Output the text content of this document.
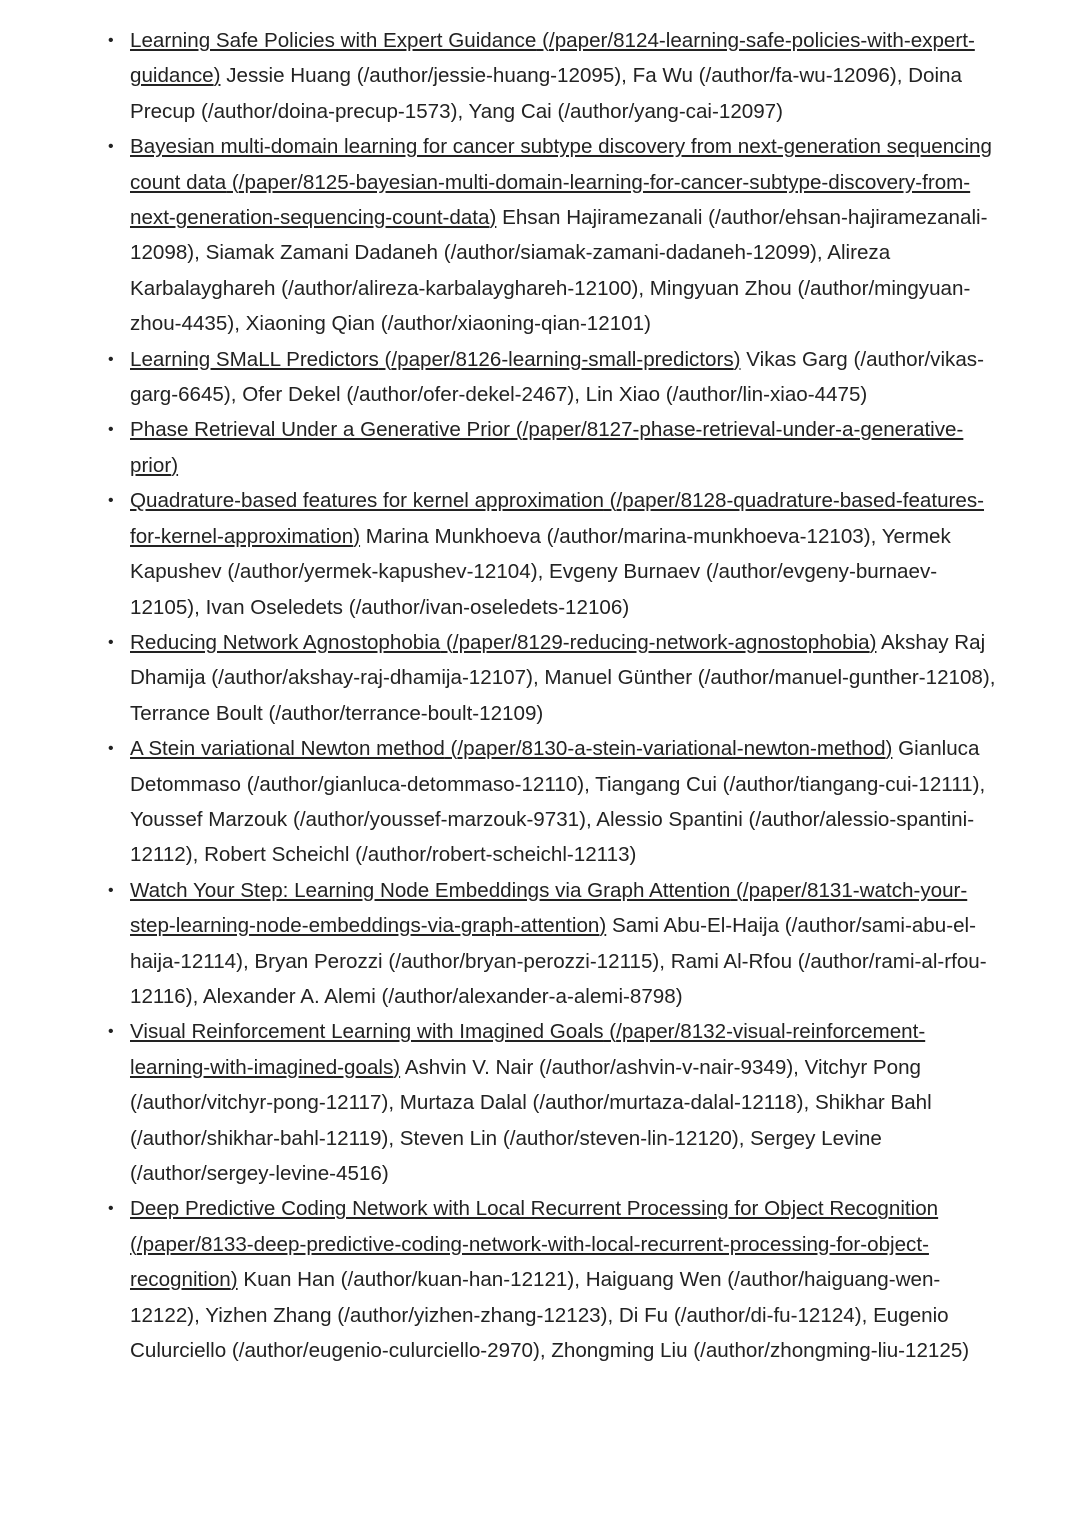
• Learning Safe Policies with Expert Guidance (/paper/8124-learning-safe-policies-with-expert-guidance) Jessie Huang (/author/jessie-huang-12095), Fa Wu (/author/fa-wu-12096), Doina Precup (/author/doina-precup-1573), Yang Cai (/author/yang-cai-12097)
• Bayesian multi-domain learning for cancer subtype discovery from next-generation sequencing count data (/paper/8125-bayesian-multi-domain-learning-for-cancer-subtype-discovery-from-next-generation-sequencing-count-data) Ehsan Hajiramezanali (/author/ehsan-hajiramezanali-12098), Siamak Zamani Dadaneh (/author/siamak-zamani-dadaneh-12099), Alireza Karbalayghareh (/author/alireza-karbalayghareh-12100), Mingyuan Zhou (/author/mingyuan-zhou-4435), Xiaoning Qian (/author/xiaoning-qian-12101)
• Learning SMaLL Predictors (/paper/8126-learning-small-predictors) Vikas Garg (/author/vikas-garg-6645), Ofer Dekel (/author/ofer-dekel-2467), Lin Xiao (/author/lin-xiao-4475)
• Phase Retrieval Under a Generative Prior (/paper/8127-phase-retrieval-under-a-generative-prior)
• Quadrature-based features for kernel approximation (/paper/8128-quadrature-based-features-for-kernel-approximation) Marina Munkhoeva (/author/marina-munkhoeva-12103), Yermek Kapushev (/author/yermek-kapushev-12104), Evgeny Burnaev (/author/evgeny-burnaev-12105), Ivan Oseledets (/author/ivan-oseledets-12106)
• Reducing Network Agnostophobia (/paper/8129-reducing-network-agnostophobia) Akshay Raj Dhamija (/author/akshay-raj-dhamija-12107), Manuel Günther (/author/manuel-gunther-12108), Terrance Boult (/author/terrance-boult-12109)
• A Stein variational Newton method (/paper/8130-a-stein-variational-newton-method) Gianluca Detommaso (/author/gianluca-detommaso-12110), Tiangang Cui (/author/tiangang-cui-12111), Youssef Marzouk (/author/youssef-marzouk-9731), Alessio Spantini (/author/alessio-spantini-12112), Robert Scheichl (/author/robert-scheichl-12113)
• Watch Your Step: Learning Node Embeddings via Graph Attention (/paper/8131-watch-your-step-learning-node-embeddings-via-graph-attention) Sami Abu-El-Haija (/author/sami-abu-el-haija-12114), Bryan Perozzi (/author/bryan-perozzi-12115), Rami Al-Rfou (/author/rami-al-rfou-12116), Alexander A. Alemi (/author/alexander-a-alemi-8798)
• Visual Reinforcement Learning with Imagined Goals (/paper/8132-visual-reinforcement-learning-with-imagined-goals) Ashvin V. Nair (/author/ashvin-v-nair-9349), Vitchyr Pong (/author/vitchyr-pong-12117), Murtaza Dalal (/author/murtaza-dalal-12118), Shikhar Bahl (/author/shikhar-bahl-12119), Steven Lin (/author/steven-lin-12120), Sergey Levine (/author/sergey-levine-4516)
• Deep Predictive Coding Network with Local Recurrent Processing for Object Recognition (/paper/8133-deep-predictive-coding-network-with-local-recurrent-processing-for-object-recognition) Kuan Han (/author/kuan-han-12121), Haiguang Wen (/author/haiguang-wen-12122), Yizhen Zhang (/author/yizhen-zhang-12123), Di Fu (/author/di-fu-12124), Eugenio Culurciello (/author/eugenio-culurciello-2970), Zhongming Liu (/author/zhongming-liu-12125)
